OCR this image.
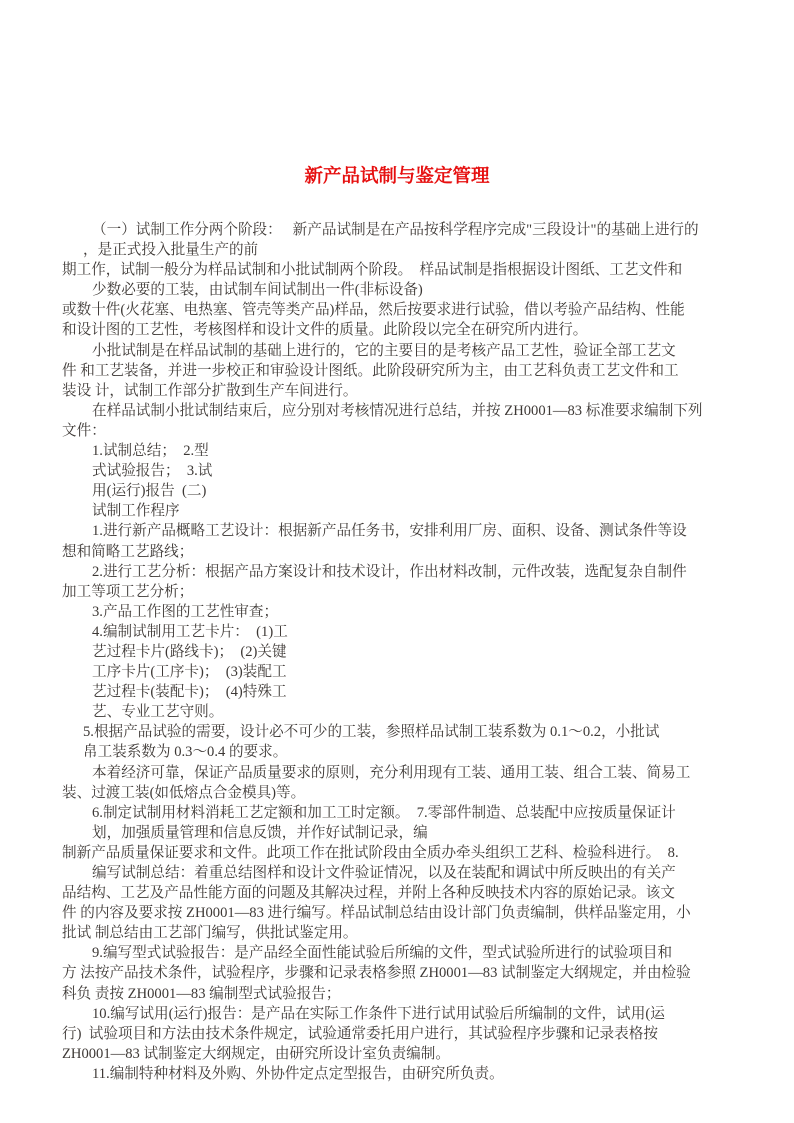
新产品试制与鉴定管理
（一）试制工作分两个阶段：   新产品试制是在产品按科学程序完成"三段设计"的基础上进行的
，是正式投入批量生产的前
期工作，试制一般分为样品试制和小批试制两个阶段。  样品试制是指根据设计图纸、工艺文件和
少数必要的工装，由试制车间试制出一件(非标设备)
或数十件(火花塞、电热塞、管壳等类产品)样品，然后按要求进行试验，借以考验产品结构、性能
和设计图的工艺性，考核图样和设计文件的质量。此阶段以完全在研究所内进行。
小批试制是在样品试制的基础上进行的，它的主要目的是考核产品工艺性，验证全部工艺文
件 和工艺装备，并进一步校正和审验设计图纸。此阶段研究所为主，由工艺科负责工艺文件和工
装设 计，试制工作部分扩散到生产车间进行。
在样品试制小批试制结束后，应分别对考核情况进行总结，并按 ZH0001—83 标准要求编制下列
文件：
1.试制总结；  2.型
式试验报告；  3.试
用(运行)报告  (二)
试制工作程序
1.进行新产品概略工艺设计：根据新产品任务书，安排利用厂房、面积、设备、测试条件等设
想和简略工艺路线；
2.进行工艺分析：根据产品方案设计和技术设计，作出材料改制，元件改装，选配复杂自制件
加工等项工艺分析；
3.产品工作图的工艺性审查；
4.编制试制用工艺卡片：  (1)工
艺过程卡片(路线卡)；  (2)关键
工序卡片(工序卡)；  (3)装配工
艺过程卡(装配卡)；  (4)特殊工
艺、专业工艺守则。
5.根据产品试验的需要，设计必不可少的工装，参照样品试制工装系数为 0.1～0.2，小批试
帛工装系数为 0.3～0.4 的要求。
本着经济可靠，保证产品质量要求的原则，充分利用现有工装、通用工装、组合工装、简易工
装、过渡工装(如低熔点合金模具)等。
6.制定试制用材料消耗工艺定额和加工工时定额。  7.零部件制造、总装配中应按质量保证计
划，加强质量管理和信息反馈，并作好试制记录，编
制新产品质量保证要求和文件。此项工作在批试阶段由全质办牵头组织工艺科、检验科进行。  8.
编写试制总结：着重总结图样和设计文件验证情况，以及在装配和调试中所反映出的有关产
品结构、工艺及产品性能方面的问题及其解决过程，并附上各种反映技术内容的原始记录。该文
件 的内容及要求按 ZH0001—83 进行编写。样品试制总结由设计部门负责编制，供样品鉴定用，小
批试 制总结由工艺部门编写，供批试鉴定用。
9.编写型式试验报告：是产品经全面性能试验后所编的文件，型式试验所进行的试验项目和
方 法按产品技术条件，试验程序，步骤和记录表格参照 ZH0001—83 试制鉴定大纲规定，并由检验
科负 责按 ZH0001—83 编制型式试验报告；
10.编写试用(运行)报告：是产品在实际工作条件下进行试用试验后所编制的文件，试用(运
行)  试验项目和方法由技术条件规定，试验通常委托用户进行，其试验程序步骤和记录表格按
ZH0001—83 试制鉴定大纲规定，由研究所设计室负责编制。
11.编制特种材料及外购、外协件定点定型报告，由研究所负责。
